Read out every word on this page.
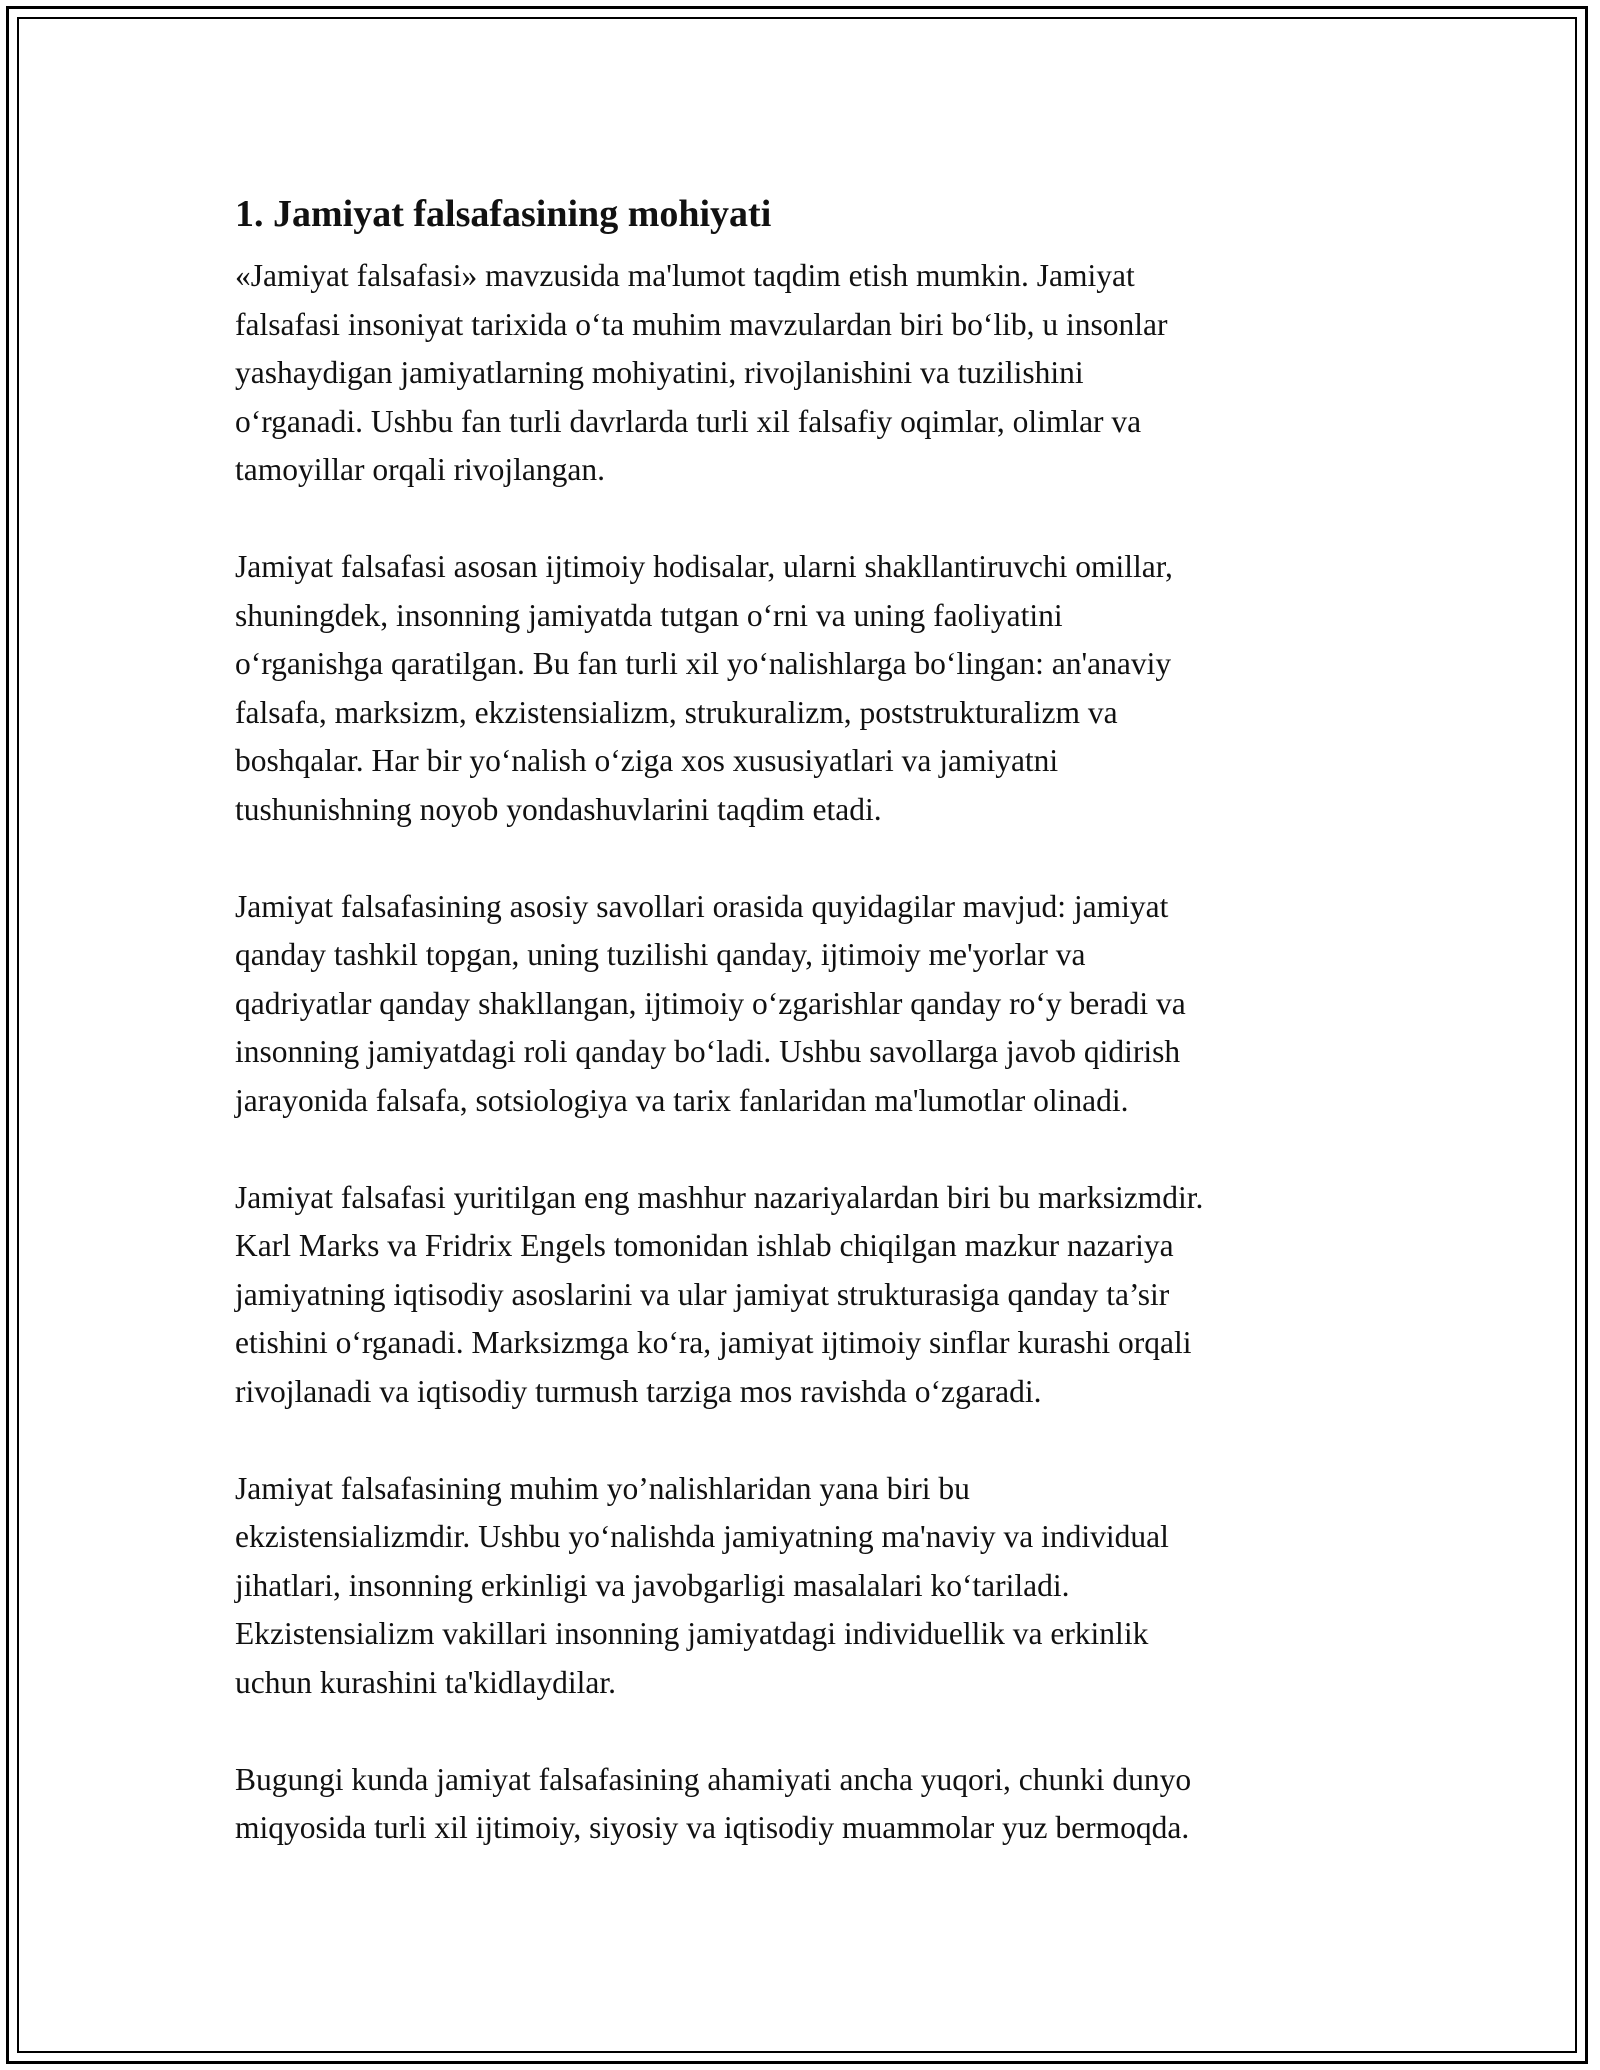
1. Jamiyat falsafasining mohiyati

«Jamiyat falsafasi» mavzusida ma'lumot taqdim etish mumkin. Jamiyat
falsafasi insoniyat tarixida oʻta muhim mavzulardan biri boʻlib, u insonlar
yashaydigan jamiyatlarning mohiyatini, rivojlanishini va tuzilishini
oʻrganadi. Ushbu fan turli davrlarda turli xil falsafiy oqimlar, olimlar va
tamoyillar orqali rivojlangan.

Jamiyat falsafasi asosan ijtimoiy hodisalar, ularni shakllantiruvchi omillar,
shuningdek, insonning jamiyatda tutgan oʻrni va uning faoliyatini
oʻrganishga qaratilgan. Bu fan turli xil yoʻnalishlarga boʻlingan: an'anaviy
falsafa, marksizm, ekzistensializm, strukuralizm, poststrukturalizm va
boshqalar. Har bir yoʻnalish oʻziga xos xususiyatlari va jamiyatni
tushunishning noyob yondashuvlarini taqdim etadi.

Jamiyat falsafasining asosiy savollari orasida quyidagilar mavjud: jamiyat
qanday tashkil topgan, uning tuzilishi qanday, ijtimoiy me'yorlar va
qadriyatlar qanday shakllangan, ijtimoiy oʻzgarishlar qanday roʻy beradi va
insonning jamiyatdagi roli qanday boʻladi. Ushbu savollarga javob qidirish
jarayonida falsafa, sotsiologiya va tarix fanlaridan ma'lumotlar olinadi.

Jamiyat falsafasi yuritilgan eng mashhur nazariyalardan biri bu marksizmdir.
Karl Marks va Fridrix Engels tomonidan ishlab chiqilgan mazkur nazariya
jamiyatning iqtisodiy asoslarini va ular jamiyat strukturasiga qanday ta’sir
etishini oʻrganadi. Marksizmga koʻra, jamiyat ijtimoiy sinflar kurashi orqali
rivojlanadi va iqtisodiy turmush tarziga mos ravishda oʻzgaradi.

Jamiyat falsafasining muhim yo’nalishlaridan yana biri bu
ekzistensializmdir. Ushbu yoʻnalishda jamiyatning ma'naviy va individual
jihatlari, insonning erkinligi va javobgarligi masalalari koʻtariladi.
Ekzistensializm vakillari insonning jamiyatdagi individuellik va erkinlik
uchun kurashini ta'kidlaydilar.

Bugungi kunda jamiyat falsafasining ahamiyati ancha yuqori, chunki dunyo
miqyosida turli xil ijtimoiy, siyosiy va iqtisodiy muammolar yuz bermoqda.
